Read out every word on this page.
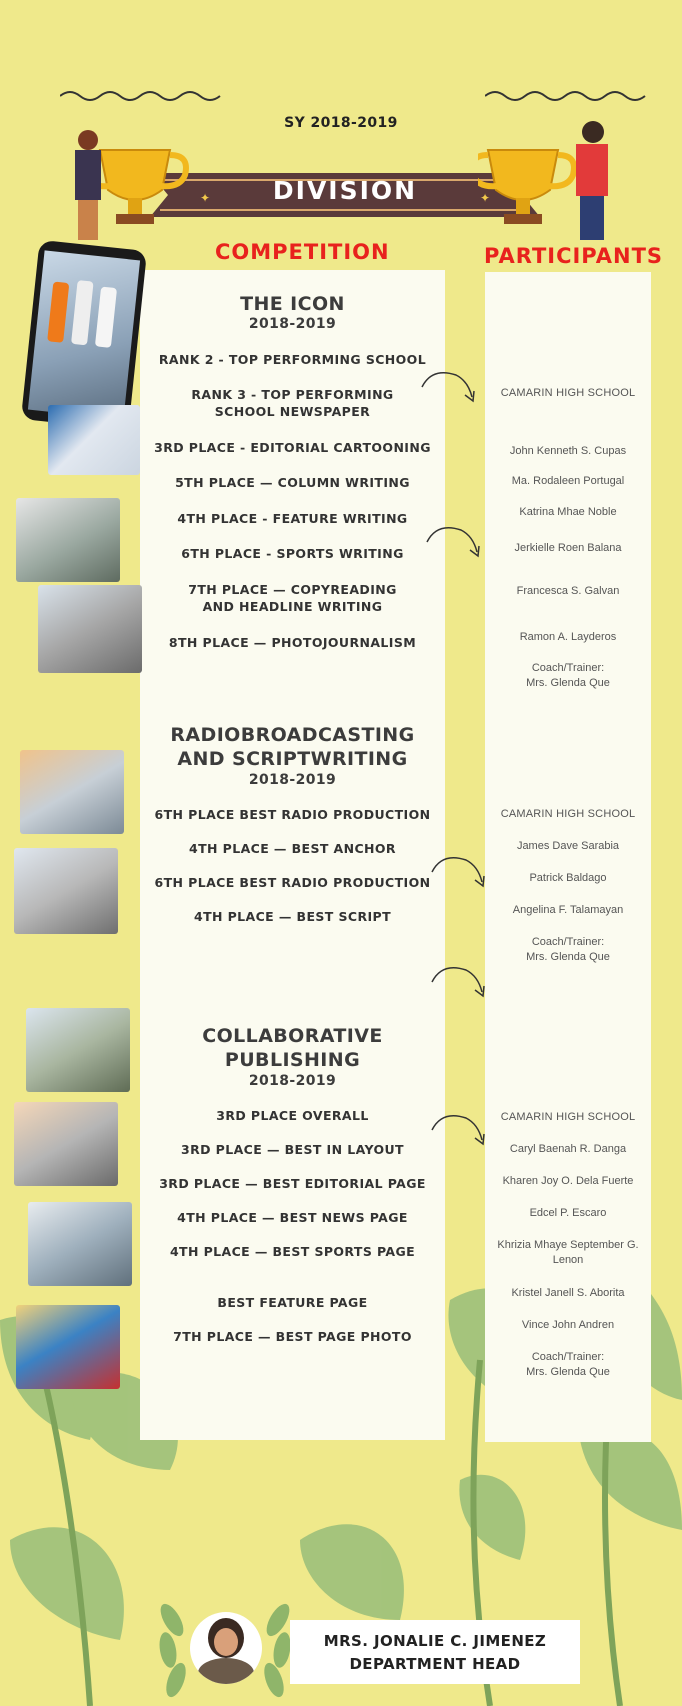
SY 2018-2019
✦	✦
DIVISION
COMPETITION	PARTICIPANTS
THE ICON
2018-2019
RANK 2 - TOP PERFORMING SCHOOL
RANK 3 - TOP PERFORMING SCHOOL NEWSPAPER
3RD PLACE - EDITORIAL CARTOONING
5TH PLACE — COLUMN WRITING
4TH PLACE - FEATURE WRITING
6TH PLACE - SPORTS WRITING
7TH PLACE — COPYREADING AND HEADLINE WRITING
8TH PLACE — PHOTOJOURNALISM
CAMARIN HIGH SCHOOL
John Kenneth S. Cupas
Ma. Rodaleen Portugal
Katrina Mhae Noble
Jerkielle Roen Balana
Francesca S. Galvan
Ramon A. Layderos
Coach/Trainer:
Mrs. Glenda Que
RADIOBROADCASTING AND SCRIPTWRITING
2018-2019
6TH PLACE BEST RADIO PRODUCTION
4TH PLACE — BEST ANCHOR
6TH PLACE BEST RADIO PRODUCTION
4TH PLACE — BEST SCRIPT
CAMARIN HIGH SCHOOL
James Dave Sarabia
Patrick Baldago
Angelina F. Talamayan
Coach/Trainer:
Mrs. Glenda Que
COLLABORATIVE PUBLISHING
2018-2019
3RD PLACE OVERALL
3RD PLACE — BEST IN LAYOUT
3RD PLACE — BEST EDITORIAL PAGE
4TH PLACE — BEST NEWS PAGE
4TH PLACE — BEST SPORTS PAGE
BEST FEATURE PAGE
7TH PLACE — BEST PAGE PHOTO
CAMARIN HIGH SCHOOL
Caryl Baenah R. Danga
Kharen Joy O. Dela Fuerte
Edcel P. Escaro
Khrizia Mhaye September G. Lenon
Kristel Janell S. Aborita
Vince John Andren
Coach/Trainer:
Mrs. Glenda Que
MRS. JONALIE C. JIMENEZ
DEPARTMENT HEAD
